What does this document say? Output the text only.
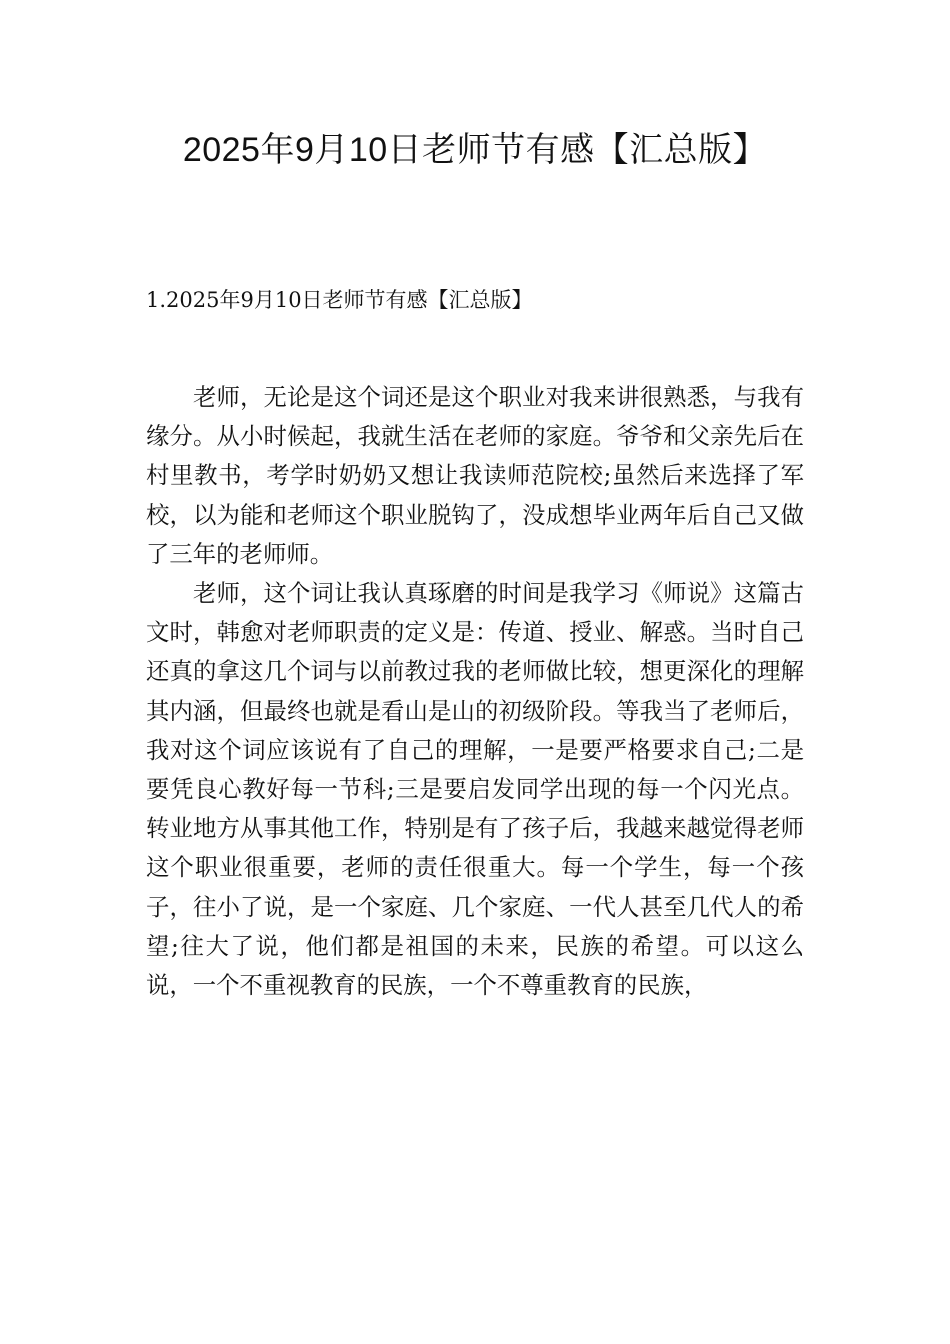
2025年9月10日老师节有感【汇总版】
1.2025年9月10日老师节有感【汇总版】

老师，无论是这个词还是这个职业对我来讲很熟悉，与我有缘分。从小时候起，我就生活在老师的家庭。爷爷和父亲先后在村里教书，考学时奶奶又想让我读师范院校;虽然后来选择了军校，以为能和老师这个职业脱钩了，没成想毕业两年后自己又做了三年的老师师。

老师，这个词让我认真琢磨的时间是我学习《师说》这篇古文时，韩愈对老师职责的定义是：传道、授业、解惑。当时自己还真的拿这几个词与以前教过我的老师做比较，想更深化的理解其内涵，但最终也就是看山是山的初级阶段。等我当了老师后，我对这个词应该说有了自己的理解，一是要严格要求自己;二是要凭良心教好每一节科;三是要启发同学出现的每一个闪光点。转业地方从事其他工作，特别是有了孩子后，我越来越觉得老师这个职业很重要，老师的责任很重大。每一个学生，每一个孩子，往小了说，是一个家庭、几个家庭、一代人甚至几代人的希望;往大了说，他们都是祖国的未来，民族的希望。可以这么说，一个不重视教育的民族，一个不尊重教育的民族，
